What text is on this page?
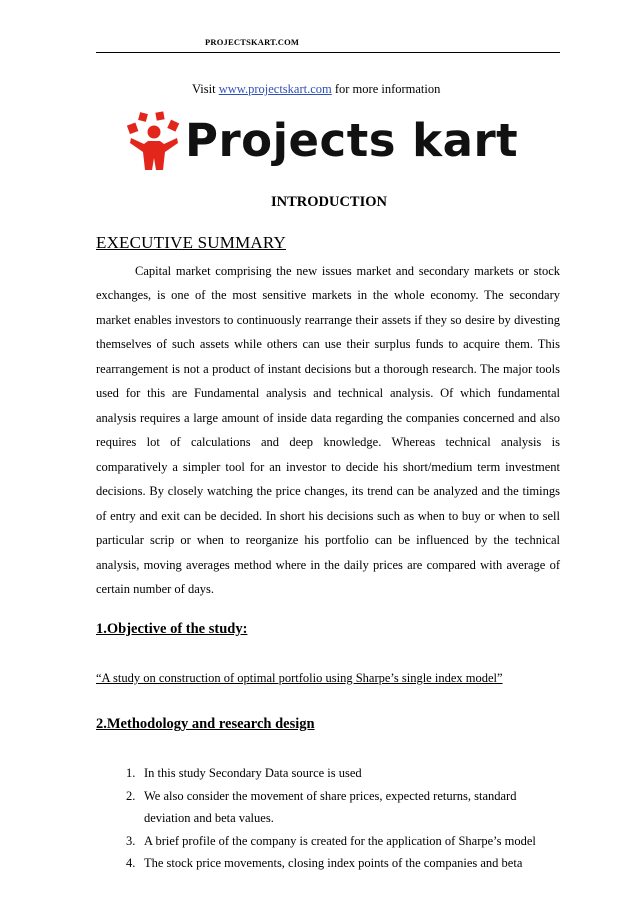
PROJECTSKART.COM
Visit www.projectskart.com for more information
Projects kart
INTRODUCTION
EXECUTIVE SUMMARY

Capital market comprising the new issues market and secondary markets or stock exchanges, is one of the most sensitive markets in the whole economy. The secondary market enables investors to continuously rearrange their assets if they so desire by divesting themselves of such assets while others can use their surplus funds to acquire them. This rearrangement is not a product of instant decisions but a thorough research. The major tools used for this are Fundamental analysis and technical analysis. Of which fundamental analysis requires a large amount of inside data regarding the companies concerned and also requires lot of calculations and deep knowledge. Whereas technical analysis is comparatively a simpler tool for an investor to decide his short/medium term investment decisions. By closely watching the price changes, its trend can be analyzed and the timings of entry and exit can be decided. In short his decisions such as when to buy or when to sell particular scrip or when to reorganize his portfolio can be influenced by the technical analysis, moving averages method where in the daily prices are compared with average of certain number of days.

1.Objective of the study:
“A study on construction of optimal portfolio using Sharpe’s single index model”
2.Methodology and research design
1. In this study Secondary Data source is used
2. We also consider the movement of share prices, expected returns, standard deviation and beta values.
3. A brief profile of the company is created for the application of Sharpe’s model
4. The stock price movements, closing index points of the companies and beta
